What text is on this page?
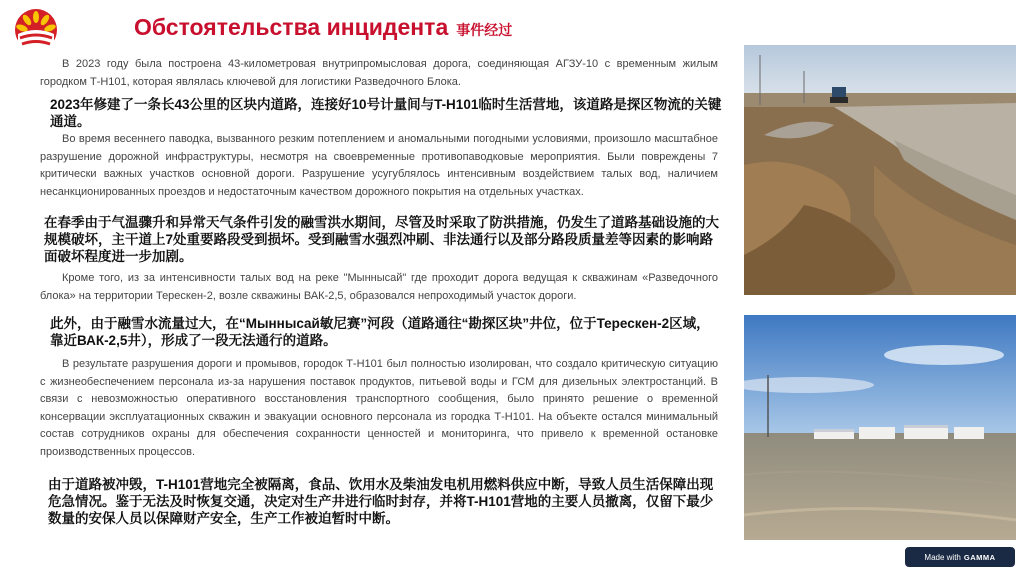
Обстоятельства инцидента 事件经过

В 2023 году была построена 43-километровая внутрипромысловая дорога, соединяющая АГЗУ-10 с временным жилым городком Т-Н101, которая являлась ключевой для логистики Разведочного Блока.

2023年修建了一条长43公里的区块内道路，连接好10号计量间与T-H101临时生活营地，该道路是探区物流的关键通道。

Во время весеннего паводка, вызванного резким потеплением и аномальными погодными условиями, произошло масштабное разрушение дорожной инфраструктуры, несмотря на своевременные противопаводковые мероприятия. Были повреждены 7 критически важных участков основной дороги. Разрушение усугублялось интенсивным воздействием талых вод, наличием несанкционированных проездов и недостаточным качеством дорожного покрытия на отдельных участках.

在春季由于气温骤升和异常天气条件引发的融雪洪水期间，尽管及时采取了防洪措施，仍发生了道路基础设施的大规模破坏，主干道上7处重要路段受到损坏。受到融雪水强烈冲刷、非法通行以及部分路段质量差等因素的影响路面破坏程度进一步加剧。

Кроме того, из за интенсивности талых вод на реке "Мыннысай" где проходит дорога ведущая к скважинам «Разведочного блока» на территории Терескен-2, возле скважины ВАК-2,5, образовался непроходимый участок дороги.

此外，由于融雪水流量过大，在“Мыннысай敏尼赛”河段（道路通往“勘探区块”井位，位于Терескен-2区域，靠近ВАК-2,5井），形成了一段无法通行的道路。

В результате разрушения дороги и промывов, городок Т-Н101 был полностью изолирован, что создало критическую ситуацию с жизнеобеспечением персонала из-за нарушения поставок продуктов, питьевой воды и ГСМ для дизельных электростанций. В связи с невозможностью оперативного восстановления транспортного сообщения, было принято решение о временной консервации эксплуатационных скважин и эвакуации основного персонала из городка Т-Н101. На объекте остался минимальный состав сотрудников охраны для обеспечения сохранности ценностей и мониторинга, что привело к временной остановке производственных процессов.

由于道路被冲毁，T-H101营地完全被隔离，食品、饮用水及柴油发电机用燃料供应中断，导致人员生活保障出现危急情况。鉴于无法及时恢复交通，决定对生产井进行临时封存，并将T-H101营地的主要人员撤离，仅留下最少数量的安保人员以保障财产安全，生产工作被迫暂时中断。

Made with GAMMA
